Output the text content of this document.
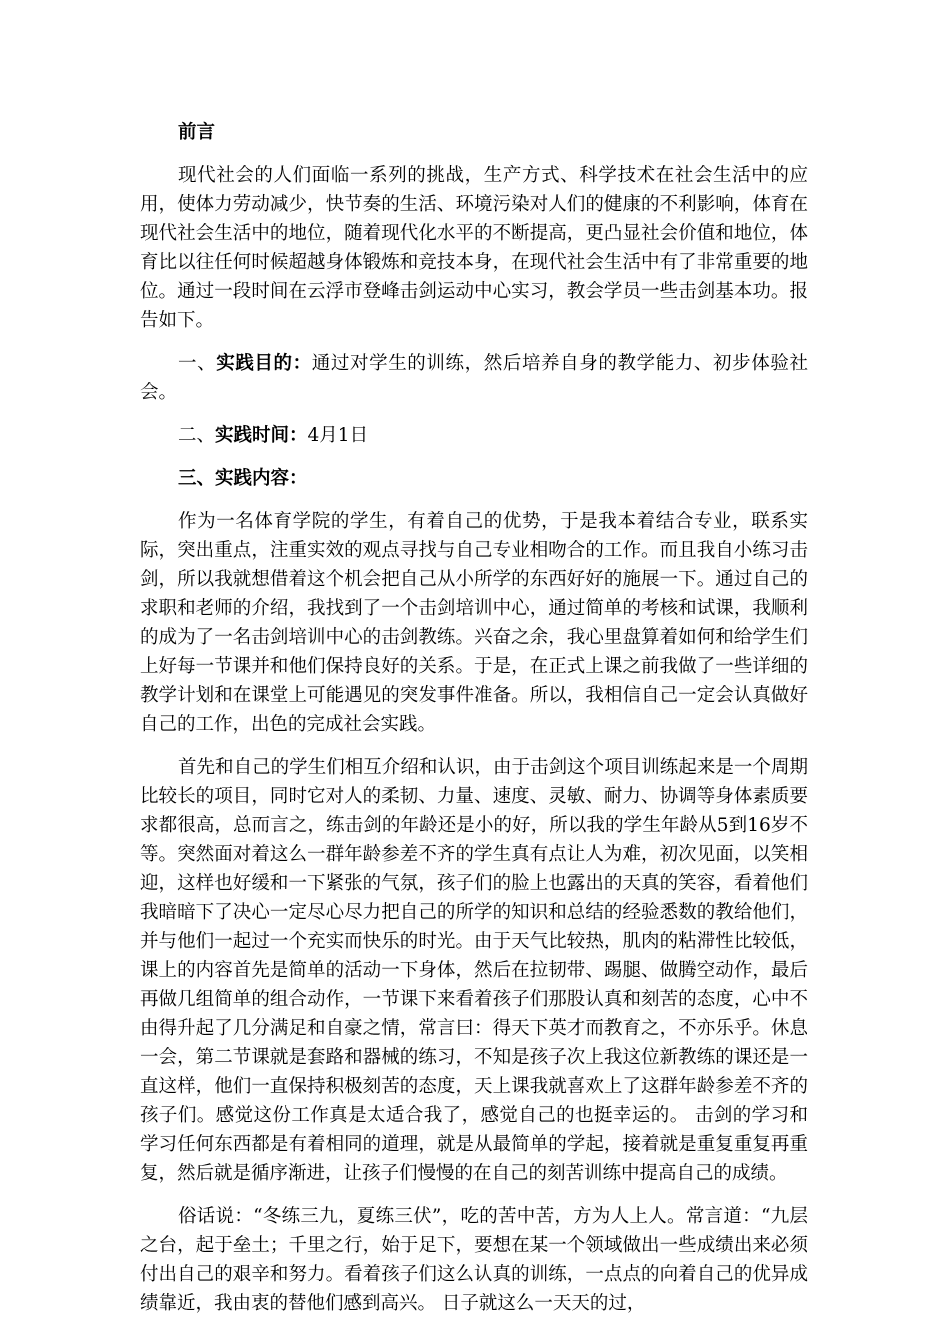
前言

现代社会的人们面临一系列的挑战，生产方式、科学技术在社会生活中的应用，使体力劳动减少，快节奏的生活、环境污染对人们的健康的不利影响，体育在现代社会生活中的地位，随着现代化水平的不断提高，更凸显社会价值和地位，体育比以往任何时候超越身体锻炼和竞技本身，在现代社会生活中有了非常重要的地位。通过一段时间在云浮市登峰击剑运动中心实习，教会学员一些击剑基本功。报告如下。

一、实践目的：通过对学生的训练，然后培养自身的教学能力、初步体验社会。

二、实践时间：4月1日

三、实践内容：

作为一名体育学院的学生，有着自己的优势，于是我本着结合专业，联系实际，突出重点，注重实效的观点寻找与自己专业相吻合的工作。而且我自小练习击剑，所以我就想借着这个机会把自己从小所学的东西好好的施展一下。通过自己的求职和老师的介绍，我找到了一个击剑培训中心，通过简单的考核和试课，我顺利的成为了一名击剑培训中心的击剑教练。兴奋之余，我心里盘算着如何和给学生们上好每一节课并和他们保持良好的关系。于是，在正式上课之前我做了一些详细的教学计划和在课堂上可能遇见的突发事件准备。所以，我相信自己一定会认真做好自己的工作，出色的完成社会实践。

首先和自己的学生们相互介绍和认识，由于击剑这个项目训练起来是一个周期比较长的项目，同时它对人的柔韧、力量、速度、灵敏、耐力、协调等身体素质要求都很高，总而言之，练击剑的年龄还是小的好，所以我的学生年龄从5到16岁不等。突然面对着这么一群年龄参差不齐的学生真有点让人为难，初次见面，以笑相迎，这样也好缓和一下紧张的气氛，孩子们的脸上也露出的天真的笑容，看着他们我暗暗下了决心一定尽心尽力把自己的所学的知识和总结的经验悉数的教给他们，并与他们一起过一个充实而快乐的时光。由于天气比较热，肌肉的粘滞性比较低，课上的内容首先是简单的活动一下身体，然后在拉韧带、踢腿、做腾空动作，最后再做几组简单的组合动作，一节课下来看着孩子们那股认真和刻苦的态度，心中不由得升起了几分满足和自豪之情，常言曰：得天下英才而教育之，不亦乐乎。休息一会，第二节课就是套路和器械的练习，不知是孩子次上我这位新教练的课还是一直这样，他们一直保持积极刻苦的态度，天上课我就喜欢上了这群年龄参差不齐的孩子们。感觉这份工作真是太适合我了，感觉自己的也挺幸运的。 击剑的学习和学习任何东西都是有着相同的道理，就是从最简单的学起，接着就是重复重复再重复，然后就是循序渐进，让孩子们慢慢的在自己的刻苦训练中提高自己的成绩。

俗话说：“冬练三九，夏练三伏”，吃的苦中苦，方为人上人。常言道：“九层之台，起于垒土；千里之行，始于足下，要想在某一个领域做出一些成绩出来必须付出自己的艰辛和努力。看着孩子们这么认真的训练，一点点的向着自己的优异成绩靠近，我由衷的替他们感到高兴。 日子就这么一天天的过，
